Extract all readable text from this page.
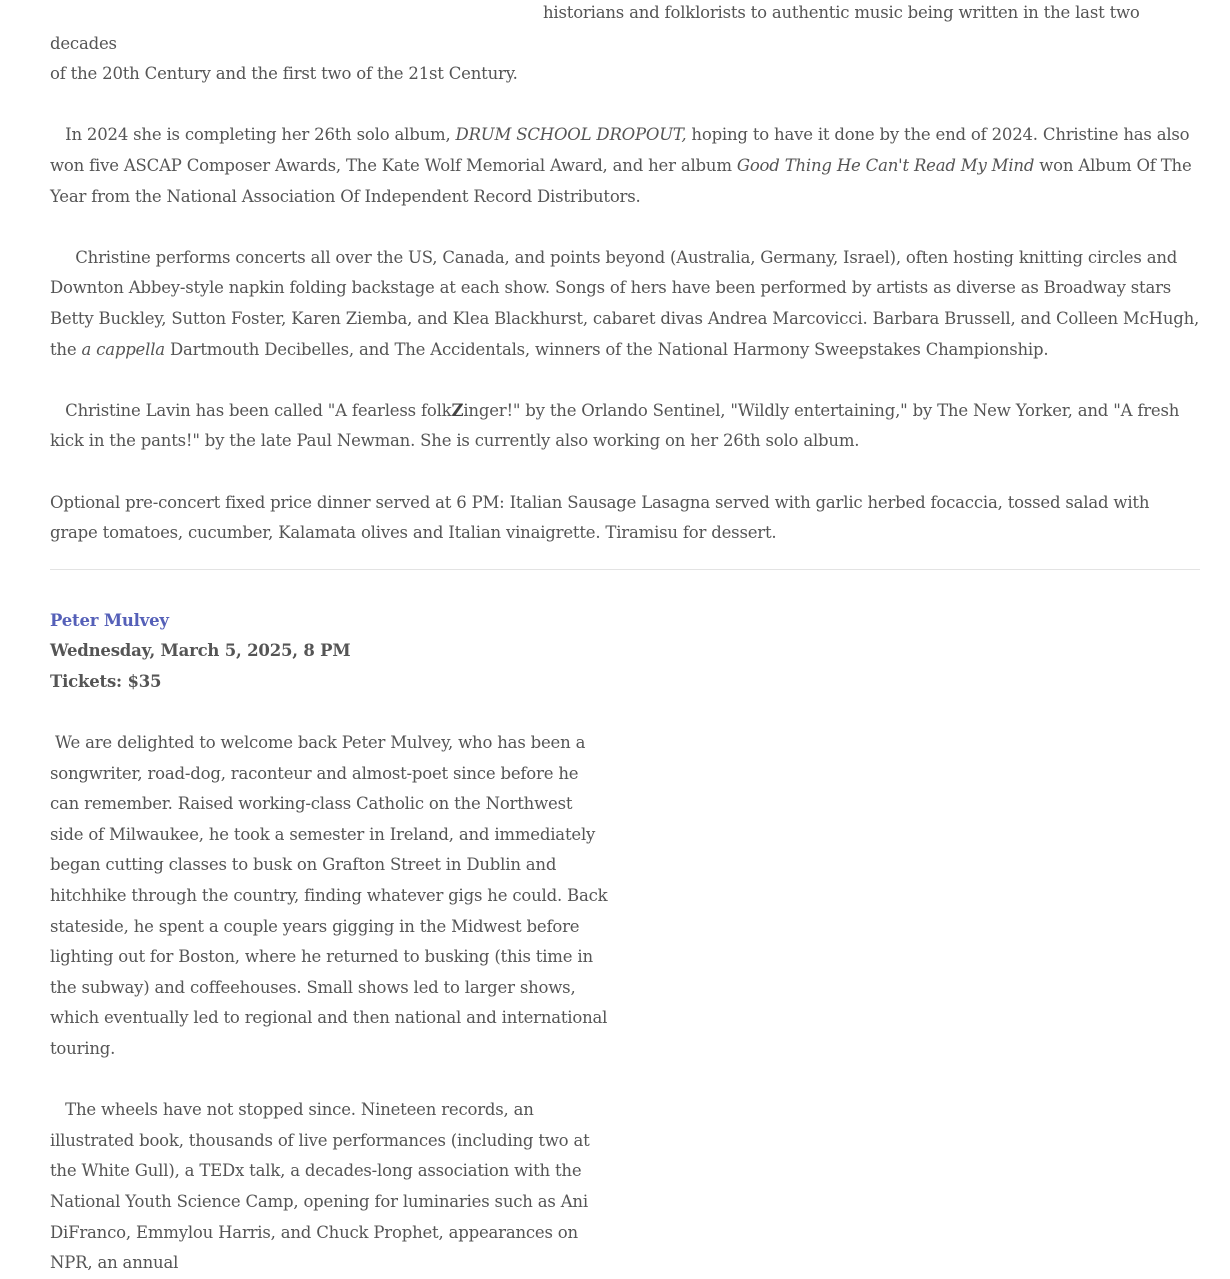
historians and folklorists to authentic music being written in the last two decades
of the 20th Century and the first two of the 21st Century.

In 2024 she is completing her 26th solo album, DRUM SCHOOL DROPOUT, hoping to have it done by the end of 2024. Christine has also won five ASCAP Composer Awards, The Kate Wolf Memorial Award, and her album Good Thing He Can't Read My Mind won Album Of The Year from the National Association Of Independent Record Distributors.

Christine performs concerts all over the US, Canada, and points beyond (Australia, Germany, Israel), often hosting knitting circles and Downton Abbey-style napkin folding backstage at each show. Songs of hers have been performed by artists as diverse as Broadway stars Betty Buckley, Sutton Foster, Karen Ziemba, and Klea Blackhurst, cabaret divas Andrea Marcovicci. Barbara Brussell, and Colleen McHugh, the a cappella Dartmouth Decibelles, and The Accidentals, winners of the National Harmony Sweepstakes Championship.

Christine Lavin has been called "A fearless folkZinger!" by the Orlando Sentinel, "Wildly entertaining," by The New Yorker, and "A fresh kick in the pants!" by the late Paul Newman. She is currently also working on her 26th solo album.

Optional pre-concert fixed price dinner served at 6 PM: Italian Sausage Lasagna served with garlic herbed focaccia, tossed salad with grape tomatoes, cucumber, Kalamata olives and Italian vinaigrette. Tiramisu for dessert.

Peter Mulvey

Wednesday, March 5, 2025, 8 PM

Tickets: $35

We are delighted to welcome back Peter Mulvey, who has been a songwriter, road-dog, raconteur and almost-poet since before he can remember. Raised working-class Catholic on the Northwest side of Milwaukee, he took a semester in Ireland, and immediately began cutting classes to busk on Grafton Street in Dublin and hitchhike through the country, finding whatever gigs he could. Back stateside, he spent a couple years gigging in the Midwest before lighting out for Boston, where he returned to busking (this time in the subway) and coffeehouses. Small shows led to larger shows, which eventually led to regional and then national and international touring.

The wheels have not stopped since. Nineteen records, an illustrated book, thousands of live performances (including two at the White Gull), a TEDx talk, a decades-long association with the National Youth Science Camp, opening for luminaries such as Ani DiFranco, Emmylou Harris, and Chuck Prophet, appearances on NPR, an annual
